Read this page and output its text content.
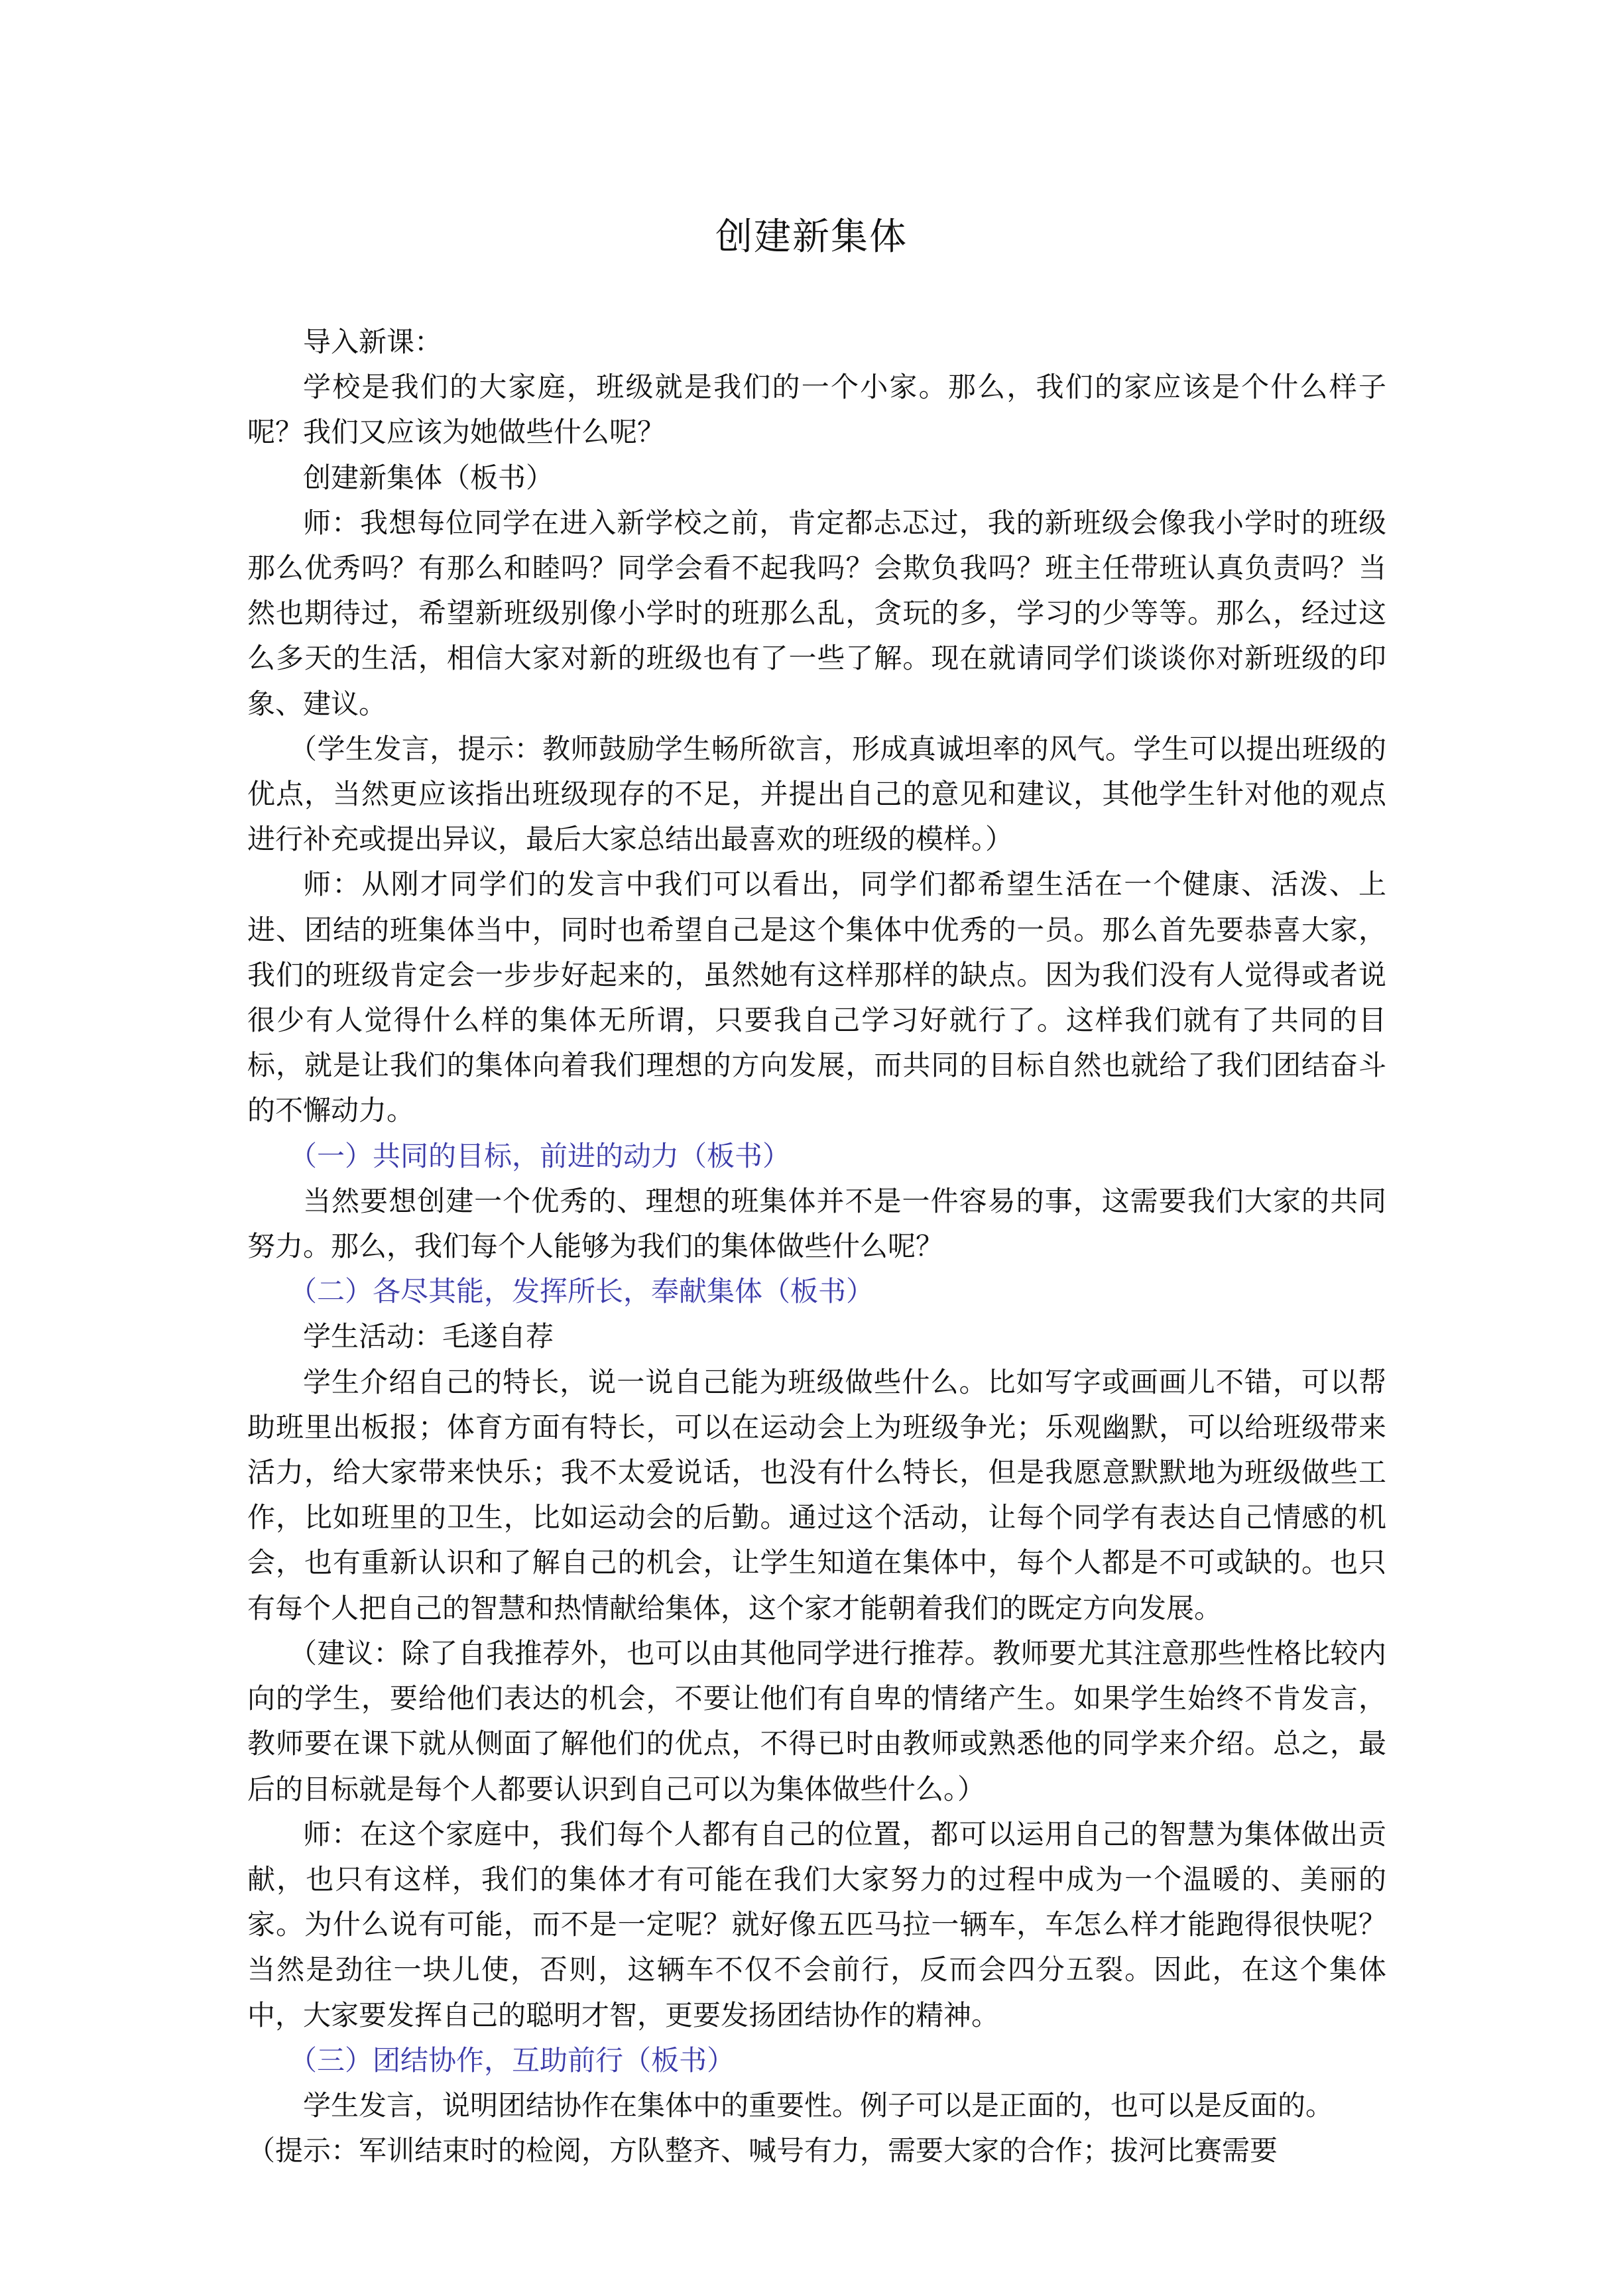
创建新集体

导入新课：

学校是我们的大家庭，班级就是我们的一个小家。那么，我们的家应该是个什么样子呢？我们又应该为她做些什么呢？

创建新集体（板书）

师：我想每位同学在进入新学校之前，肯定都忐忑过，我的新班级会像我小学时的班级那么优秀吗？有那么和睦吗？同学会看不起我吗？会欺负我吗？班主任带班认真负责吗？当然也期待过，希望新班级别像小学时的班那么乱，贪玩的多，学习的少等等。那么，经过这么多天的生活，相信大家对新的班级也有了一些了解。现在就请同学们谈谈你对新班级的印象、建议。

（学生发言，提示：教师鼓励学生畅所欲言，形成真诚坦率的风气。学生可以提出班级的优点，当然更应该指出班级现存的不足，并提出自己的意见和建议，其他学生针对他的观点进行补充或提出异议，最后大家总结出最喜欢的班级的模样。）

师：从刚才同学们的发言中我们可以看出，同学们都希望生活在一个健康、活泼、上进、团结的班集体当中，同时也希望自己是这个集体中优秀的一员。那么首先要恭喜大家，我们的班级肯定会一步步好起来的，虽然她有这样那样的缺点。因为我们没有人觉得或者说很少有人觉得什么样的集体无所谓，只要我自己学习好就行了。这样我们就有了共同的目标，就是让我们的集体向着我们理想的方向发展，而共同的目标自然也就给了我们团结奋斗的不懈动力。

（一）共同的目标，前进的动力（板书）

当然要想创建一个优秀的、理想的班集体并不是一件容易的事，这需要我们大家的共同努力。那么，我们每个人能够为我们的集体做些什么呢？

（二）各尽其能，发挥所长，奉献集体（板书）

学生活动：毛遂自荐

学生介绍自己的特长，说一说自己能为班级做些什么。比如写字或画画儿不错，可以帮助班里出板报；体育方面有特长，可以在运动会上为班级争光；乐观幽默，可以给班级带来活力，给大家带来快乐；我不太爱说话，也没有什么特长，但是我愿意默默地为班级做些工作，比如班里的卫生，比如运动会的后勤。通过这个活动，让每个同学有表达自己情感的机会，也有重新认识和了解自己的机会，让学生知道在集体中，每个人都是不可或缺的。也只有每个人把自己的智慧和热情献给集体，这个家才能朝着我们的既定方向发展。

（建议：除了自我推荐外，也可以由其他同学进行推荐。教师要尤其注意那些性格比较内向的学生，要给他们表达的机会，不要让他们有自卑的情绪产生。如果学生始终不肯发言，教师要在课下就从侧面了解他们的优点，不得已时由教师或熟悉他的同学来介绍。总之，最后的目标就是每个人都要认识到自己可以为集体做些什么。）

师：在这个家庭中，我们每个人都有自己的位置，都可以运用自己的智慧为集体做出贡献，也只有这样，我们的集体才有可能在我们大家努力的过程中成为一个温暖的、美丽的家。为什么说有可能，而不是一定呢？就好像五匹马拉一辆车，车怎么样才能跑得很快呢？当然是劲往一块儿使，否则，这辆车不仅不会前行，反而会四分五裂。因此，在这个集体中，大家要发挥自己的聪明才智，更要发扬团结协作的精神。

（三）团结协作，互助前行（板书）

学生发言，说明团结协作在集体中的重要性。例子可以是正面的，也可以是反面的。

（提示：军训结束时的检阅，方队整齐、喊号有力，需要大家的合作；拔河比赛需要
